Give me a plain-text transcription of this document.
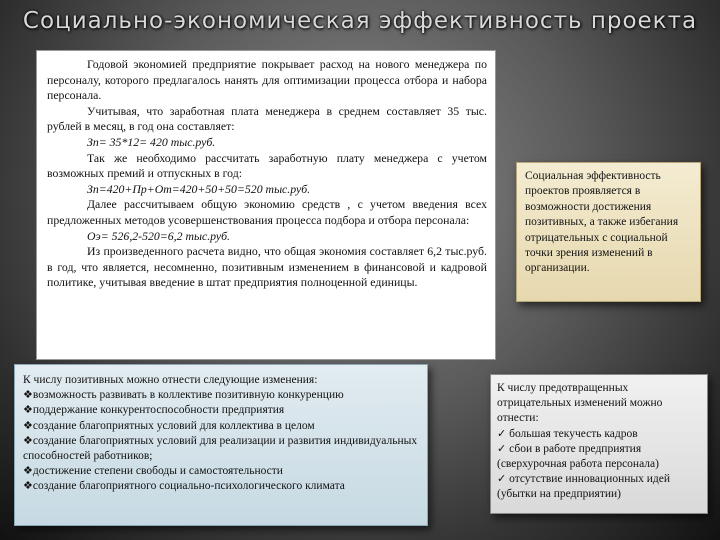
Социально-экономическая эффективность проекта

Годовой экономией предприятие покрывает расход на нового менеджера по персоналу, которого предлагалось нанять для оптимизации процесса отбора и набора персонала.

Учитывая, что заработная плата менеджера в среднем составляет 35 тыс. рублей в месяц, в год она составляет:

Зп= 35*12= 420 тыс.руб.

Так же необходимо рассчитать заработную плату менеджера с учетом возможных премий и отпускных в год:

Зп=420+Пр+От=420+50+50=520 тыс.руб.

Далее рассчитываем общую экономию средств , с учетом введения всех предложенных методов усовершенствования процесса подбора и отбора персонала:

Оэ= 526,2-520=6,2 тыс.руб.

Из произведенного расчета видно, что общая экономия составляет 6,2 тыс.руб. в год, что является, несомненно, позитивным изменением в финансовой и кадровой политике, учитывая введение в штат предприятия полноценной единицы.

Социальная эффективность проектов проявляется в возможности достижения позитивных, а также избегания отрицательных с социальной точки зрения изменений в организации.
К числу позитивных можно отнести следующие изменения:
❖возможность развивать в коллективе позитивную конкуренцию
❖поддержание конкурентоспособности предприятия
❖создание благоприятных условий для коллектива в целом
❖создание благоприятных условий для реализации и развития индивидуальных способностей работников;
❖достижение степени свободы и самостоятельности
❖создание благоприятного социально-психологического климата
К числу предотвращенных отрицательных изменений можно отнести:
✓ большая текучесть кадров
✓ сбои в работе предприятия (сверхурочная работа персонала)
✓ отсутствие инновационных идей (убытки на предприятии)
